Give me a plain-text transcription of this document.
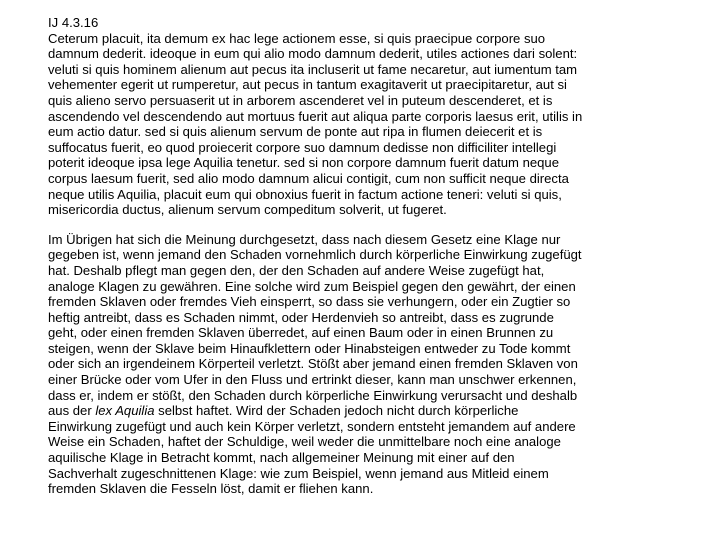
IJ 4.3.16
Ceterum placuit, ita demum ex hac lege actionem esse, si quis praecipue corpore suo
damnum dederit. ideoque in eum qui alio modo damnum dederit, utiles actiones dari solent:
veluti si quis hominem alienum aut pecus ita incluserit ut fame necaretur, aut iumentum tam
vehementer egerit ut rumperetur, aut pecus in tantum exagitaverit ut praecipitaretur, aut si
quis alieno servo persuaserit ut in arborem ascenderet vel in puteum descenderet, et is
ascendendo vel descendendo aut mortuus fuerit aut aliqua parte corporis laesus erit, utilis in
eum actio datur. sed si quis alienum servum de ponte aut ripa in flumen deiecerit et is
suffocatus fuerit, eo quod proiecerit corpore suo damnum dedisse non difficiliter intellegi
poterit ideoque ipsa lege Aquilia tenetur. sed si non corpore damnum fuerit datum neque
corpus laesum fuerit, sed alio modo damnum alicui contigit, cum non sufficit neque directa
neque utilis Aquilia, placuit eum qui obnoxius fuerit in factum actione teneri: veluti si quis,
misericordia ductus, alienum servum compeditum solverit, ut fugeret.
Im Übrigen hat sich die Meinung durchgesetzt, dass nach diesem Gesetz eine Klage nur
gegeben ist, wenn jemand den Schaden vornehmlich durch körperliche Einwirkung zugefügt
hat. Deshalb pflegt man gegen den, der den Schaden auf andere Weise zugefügt hat,
analoge Klagen zu gewähren. Eine solche wird zum Beispiel gegen den gewährt, der einen
fremden Sklaven oder fremdes Vieh einsperrt, so dass sie verhungern, oder ein Zugtier so
heftig antreibt, dass es Schaden nimmt, oder Herdenvieh so antreibt, dass es zugrunde
geht, oder einen fremden Sklaven überredet, auf einen Baum oder in einen Brunnen zu
steigen, wenn der Sklave beim Hinaufklettern oder Hinabsteigen entweder zu Tode kommt
oder sich an irgendeinem Körperteil verletzt. Stößt aber jemand einen fremden Sklaven von
einer Brücke oder vom Ufer in den Fluss und ertrinkt dieser, kann man unschwer erkennen,
dass er, indem er stößt, den Schaden durch körperliche Einwirkung verursacht und deshalb
aus der lex Aquilia selbst haftet. Wird der Schaden jedoch nicht durch körperliche
Einwirkung zugefügt und auch kein Körper verletzt, sondern entsteht jemandem auf andere
Weise ein Schaden, haftet der Schuldige, weil weder die unmittelbare noch eine analoge
aquilische Klage in Betracht kommt, nach allgemeiner Meinung mit einer auf den
Sachverhalt zugeschnittenen Klage: wie zum Beispiel, wenn jemand aus Mitleid einem
fremden Sklaven die Fesseln löst, damit er fliehen kann.
